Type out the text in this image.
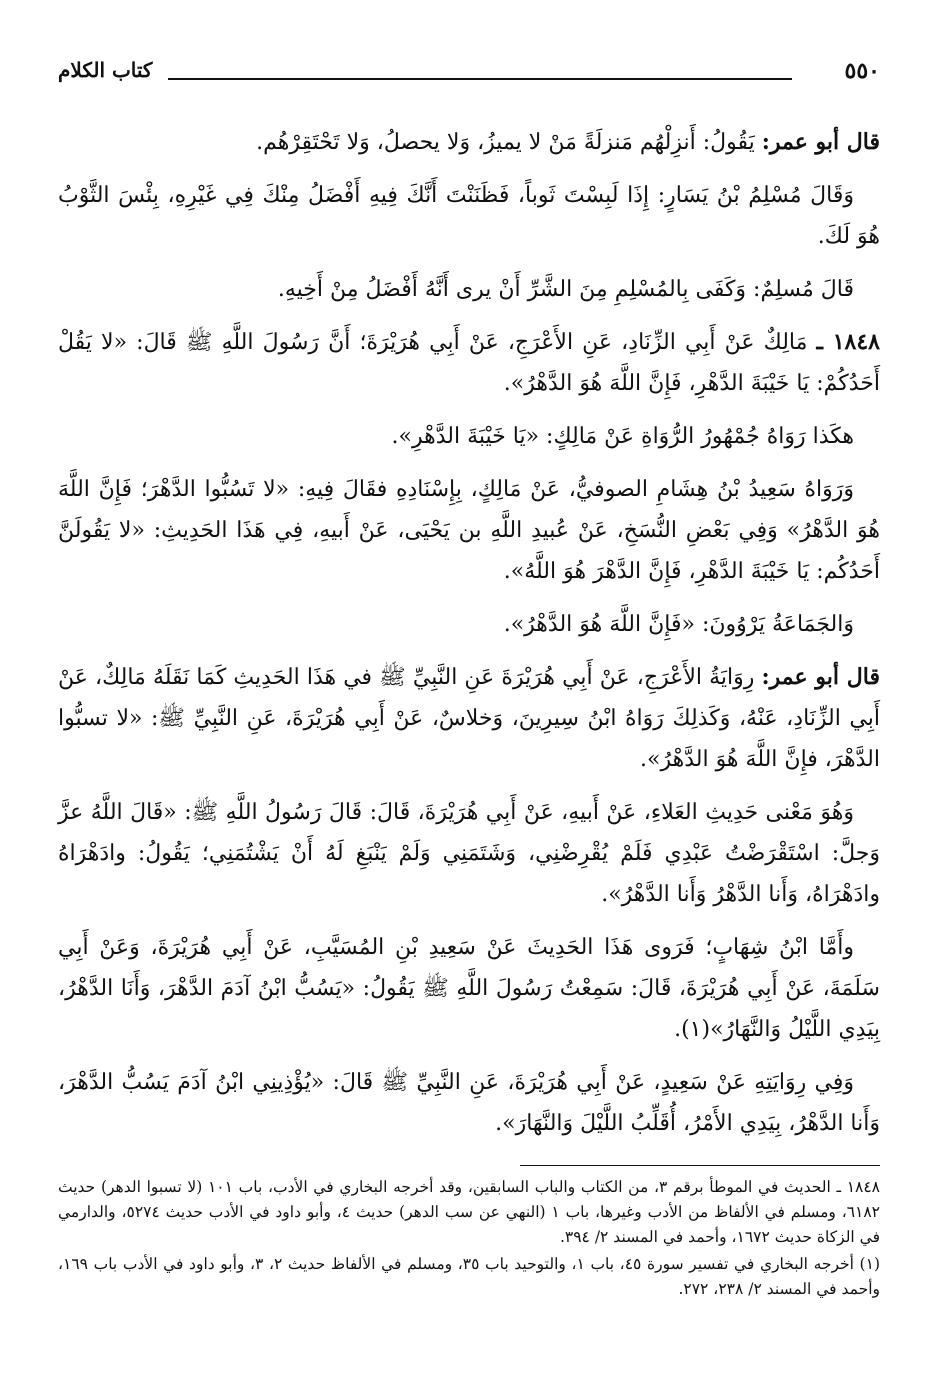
٥٥٠
كتاب الكلام

قال أبو عمر: يَقُولُ: أَنزِلْهُم مَنزلَةً مَنْ لا يميزُ، وَلا يحصلُ، وَلا تَحْتَقِرْهُم.

وَقَالَ مُسْلِمُ بْنُ يَسَارٍ: إِذَا لَبِسْتَ ثَوباً، فَظَنَنْتَ أَنَّكَ فِيهِ أَفْضَلُ مِنْكَ فِي غَيْرِهِ، بِئْسَ الثَّوْبُ هُوَ لَكَ.

قَالَ مُسلِمٌ: وَكَفَى بِالمُسْلِمِ مِنَ الشَّرِّ أَنْ يرى أَنَّهُ أَفْضَلُ مِنْ أَخِيهِ.

١٨٤٨ ـ مَالِكٌ عَنْ أَبِي الزِّنَادِ، عَنِ الأَعْرَجِ، عَنْ أَبِي هُرَيْرَةَ؛ أَنَّ رَسُولَ اللَّهِ ﷺ قَالَ: «لا يَقُلْ أَحَدُكُمْ: يَا خَيْبَةَ الدَّهْرِ، فَإِنَّ اللَّهَ هُوَ الدَّهْرُ».

هكَذا رَوَاهُ جُمْهُورُ الرُّوَاةِ عَنْ مَالِكٍ: «يَا خَيْبَةَ الدَّهْرِ».

وَرَوَاهُ سَعِيدُ بْنُ هِشَامِ الصوفيُّ، عَنْ مَالِكٍ، بِإِسْنَادِهِ فقَالَ فِيهِ: «لا تَسُبُّوا الدَّهْرَ؛ فَإِنَّ اللَّهَ هُوَ الدَّهْرُ» وَفِي بَعْضِ النُّسَخِ، عَنْ عُبيدِ اللَّهِ بن يَحْيَى، عَنْ أَبيهِ، فِي هَذَا الحَدِيثِ: «لا يَقُولَنَّ أَحَدُكُم: يَا خَيْبَةَ الدَّهْرِ، فَإِنَّ الدَّهْرَ هُوَ اللَّهُ».

وَالجَمَاعَةُ يَرْوُونَ: «فَإِنَّ اللَّهَ هُوَ الدَّهْرُ».

قال أبو عمر: رِوَايَةُ الأَعْرَجِ، عَنْ أَبِي هُرَيْرَةَ عَنِ النَّبِيِّ ﷺ في هَذَا الحَدِيثِ كَمَا نَقَلَهُ مَالِكٌ، عَنْ أَبِي الزِّنَادِ، عَنْهُ، وَكَذلِكَ رَوَاهُ ابْنُ سِيرِينَ، وَخلاسٌ، عَنْ أَبِي هُرَيْرَةَ، عَنِ النَّبِيِّ ﷺ: «لا تسبُّوا الدَّهْرَ، فإِنَّ اللَّهَ هُوَ الدَّهْرُ».

وَهُوَ مَعْنى حَدِيثِ العَلاءِ، عَنْ أَبيهِ، عَنْ أَبِي هُرَيْرَةَ، قَالَ: قَالَ رَسُولُ اللَّهِ ﷺ: «قَالَ اللَّهُ عزَّ وَجلَّ: اسْتَقْرَضْتُ عَبْدِي فَلَمْ يُقْرِضْنِي، وَشَتَمَنِي وَلَمْ يَنْبَغِ لَهُ أَنْ يَشْتُمَنِي؛ يَقُولُ: وادَهْرَاهُ وادَهْرَاهُ، وَأَنا الدَّهْرُ وَأَنا الدَّهْرُ».

وأَمَّا ابْنُ شِهَابٍ؛ فَرَوى هَذَا الحَدِيثَ عَنْ سَعِيدِ بْنِ المُسَيَّبِ، عَنْ أَبِي هُرَيْرَةَ، وَعَنْ أَبِي سَلَمَةَ، عَنْ أَبِي هُرَيْرَةَ، قَالَ: سَمِعْتُ رَسُولَ اللَّهِ ﷺ يَقُولُ: «يَسُبُّ ابْنُ آدَمَ الدَّهْرَ، وَأَنَا الدَّهْرُ، بِيَدِي اللَّيْلُ وَالنَّهَارُ»(١).

وَفِي رِوَايَتِهِ عَنْ سَعِيدٍ، عَنْ أَبِي هُرَيْرَةَ، عَنِ النَّبِيِّ ﷺ قَالَ: «يُؤْذِينِي ابْنُ آدَمَ يَسُبُّ الدَّهْرَ، وَأَنا الدَّهْرُ، بِيَدِي الأَمْرُ، أُقَلِّبُ اللَّيْلَ وَالنَّهَارَ».

١٨٤٨ ـ الحديث في الموطأ برقم ٣، من الكتاب والباب السابقين، وقد أخرجه البخاري في الأدب، باب ١٠١ (لا تسبوا الدهر) حديث ٦١٨٢، ومسلم في الألفاظ من الأدب وغيرها، باب ١ (النهي عن سب الدهر) حديث ٤، وأبو داود في الأدب حديث ٥٢٧٤، والدارمي في الزكاة حديث ١٦٧٢، وأحمد في المسند ٢/ ٣٩٤.

(١) أخرجه البخاري في تفسير سورة ٤٥، باب ١، والتوحيد باب ٣٥، ومسلم في الألفاظ حديث ٢، ٣، وأبو داود في الأدب باب ١٦٩، وأحمد في المسند ٢/ ٢٣٨، ٢٧٢.
